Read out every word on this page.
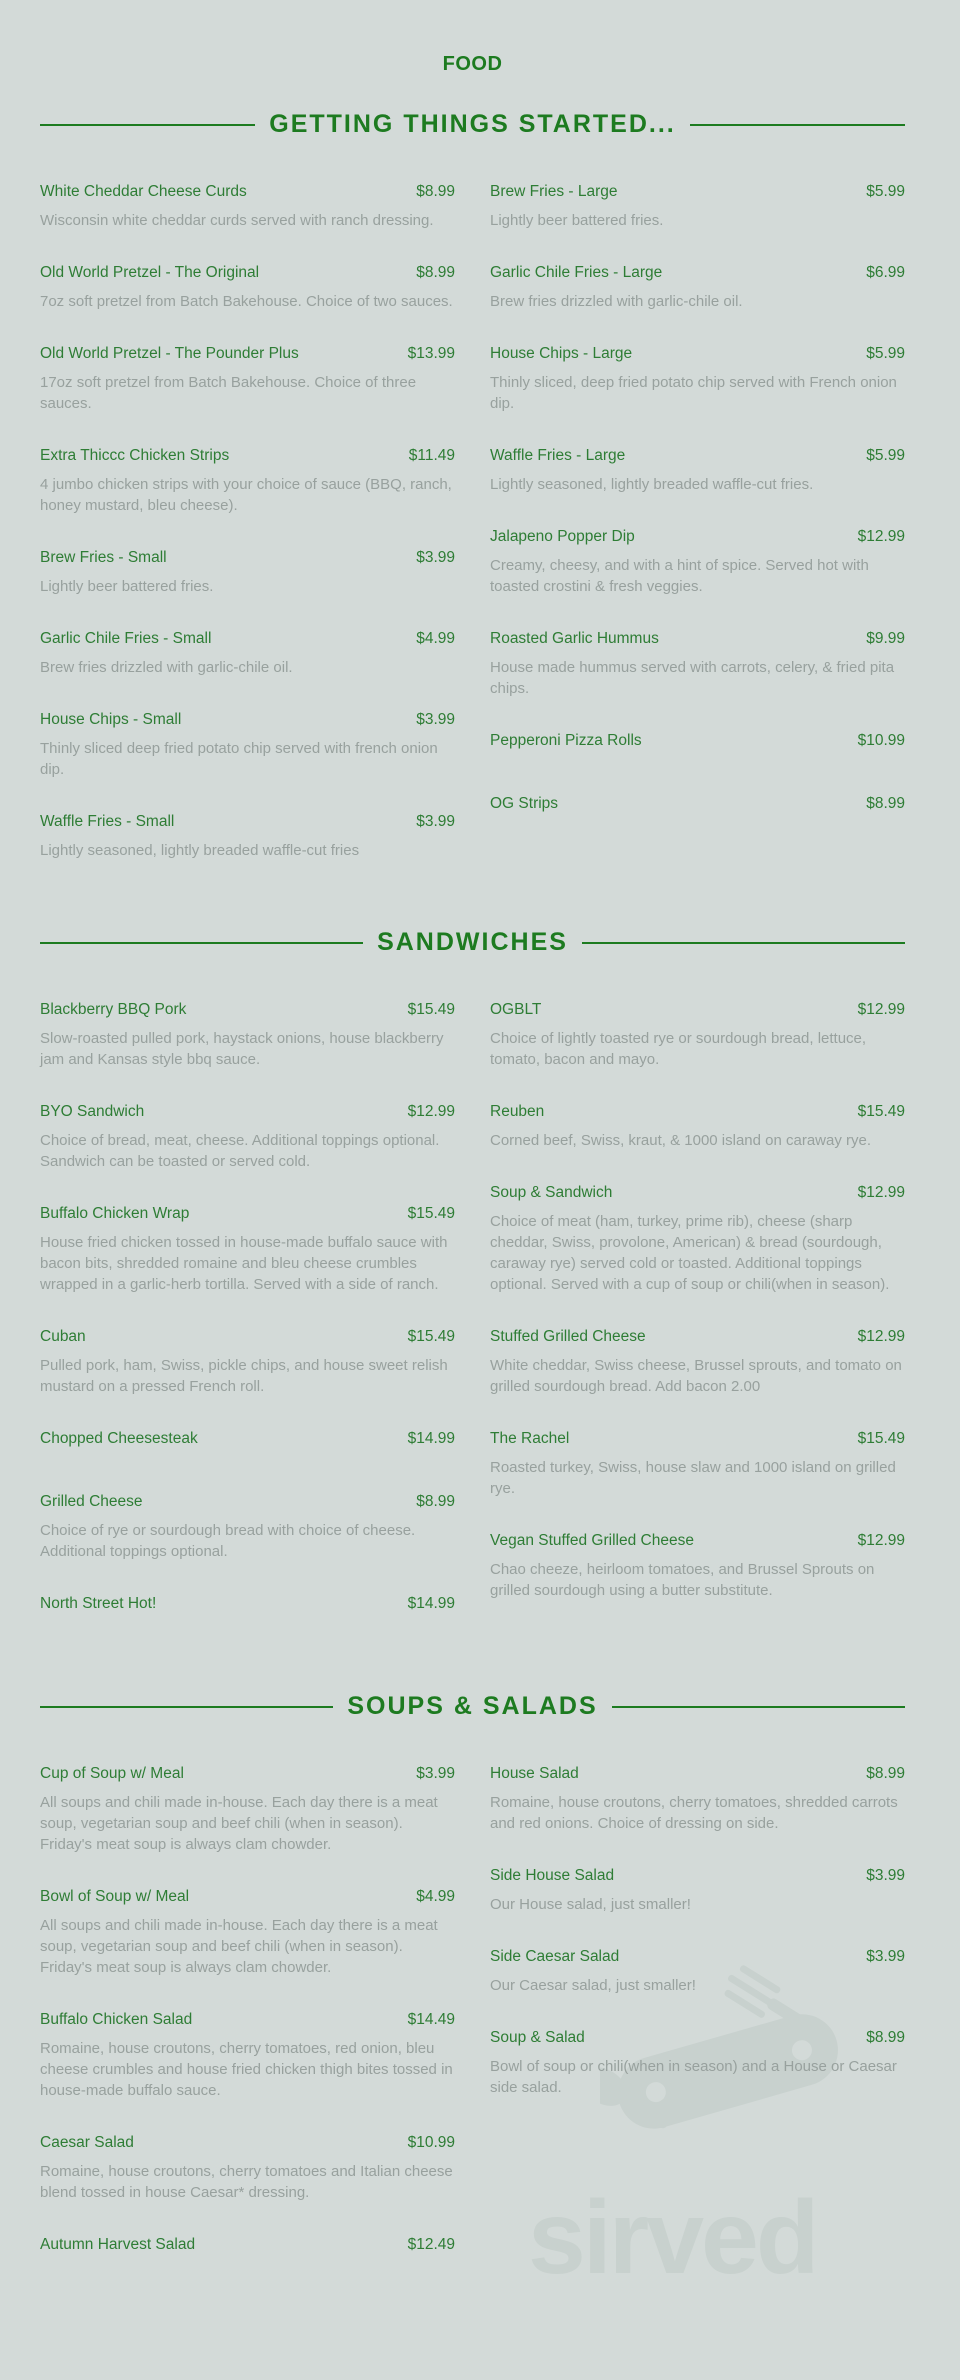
sirved
FOOD
GETTING THINGS STARTED...
White Cheddar Cheese Curds	$8.99
Wisconsin white cheddar curds served with ranch dressing.
Old World Pretzel - The Original	$8.99
7oz soft pretzel from Batch Bakehouse. Choice of two sauces.
Old World Pretzel - The Pounder Plus	$13.99
17oz soft pretzel from Batch Bakehouse. Choice of three sauces.
Extra Thiccc Chicken Strips	$11.49
4 jumbo chicken strips with your choice of sauce (BBQ, ranch, honey mustard, bleu cheese).
Brew Fries - Small	$3.99
Lightly beer battered fries.
Garlic Chile Fries - Small	$4.99
Brew fries drizzled with garlic-chile oil.
House Chips - Small	$3.99
Thinly sliced deep fried potato chip served with french onion dip.
Waffle Fries - Small	$3.99
Lightly seasoned, lightly breaded waffle-cut fries
Brew Fries - Large	$5.99
Lightly beer battered fries.
Garlic Chile Fries - Large	$6.99
Brew fries drizzled with garlic-chile oil.
House Chips - Large	$5.99
Thinly sliced, deep fried potato chip served with French onion dip.
Waffle Fries - Large	$5.99
Lightly seasoned, lightly breaded waffle-cut fries.
Jalapeno Popper Dip	$12.99
Creamy, cheesy, and with a hint of spice. Served hot with toasted crostini & fresh veggies.
Roasted Garlic Hummus	$9.99
House made hummus served with carrots, celery, & fried pita chips.
Pepperoni Pizza Rolls	$10.99
OG Strips	$8.99
SANDWICHES
Blackberry BBQ Pork	$15.49
Slow-roasted pulled pork, haystack onions, house blackberry jam and Kansas style bbq sauce.
BYO Sandwich	$12.99
Choice of bread, meat, cheese. Additional toppings optional. Sandwich can be toasted or served cold.
Buffalo Chicken Wrap	$15.49
House fried chicken tossed in house-made buffalo sauce with bacon bits, shredded romaine and bleu cheese crumbles wrapped in a garlic-herb tortilla. Served with a side of ranch.
Cuban	$15.49
Pulled pork, ham, Swiss, pickle chips, and house sweet relish mustard on a pressed French roll.
Chopped Cheesesteak	$14.99
Grilled Cheese	$8.99
Choice of rye or sourdough bread with choice of cheese. Additional toppings optional.
North Street Hot!	$14.99
OGBLT	$12.99
Choice of lightly toasted rye or sourdough bread, lettuce, tomato, bacon and mayo.
Reuben	$15.49
Corned beef, Swiss, kraut, & 1000 island on caraway rye.
Soup & Sandwich	$12.99
Choice of meat (ham, turkey, prime rib), cheese (sharp cheddar, Swiss, provolone, American) & bread (sourdough, caraway rye) served cold or toasted. Additional toppings optional. Served with a cup of soup or chili(when in season).
Stuffed Grilled Cheese	$12.99
White cheddar, Swiss cheese, Brussel sprouts, and tomato on grilled sourdough bread. Add bacon 2.00
The Rachel	$15.49
Roasted turkey, Swiss, house slaw and 1000 island on grilled rye.
Vegan Stuffed Grilled Cheese	$12.99
Chao cheeze, heirloom tomatoes, and Brussel Sprouts on grilled sourdough using a butter substitute.
SOUPS & SALADS
Cup of Soup w/ Meal	$3.99
All soups and chili made in-house. Each day there is a meat soup, vegetarian soup and beef chili (when in season). Friday's meat soup is always clam chowder.
Bowl of Soup w/ Meal	$4.99
All soups and chili made in-house. Each day there is a meat soup, vegetarian soup and beef chili (when in season). Friday's meat soup is always clam chowder.
Buffalo Chicken Salad	$14.49
Romaine, house croutons, cherry tomatoes, red onion, bleu cheese crumbles and house fried chicken thigh bites tossed in house-made buffalo sauce.
Caesar Salad	$10.99
Romaine, house croutons, cherry tomatoes and Italian cheese blend tossed in house Caesar* dressing.
Autumn Harvest Salad	$12.49
House Salad	$8.99
Romaine, house croutons, cherry tomatoes, shredded carrots and red onions. Choice of dressing on side.
Side House Salad	$3.99
Our House salad, just smaller!
Side Caesar Salad	$3.99
Our Caesar salad, just smaller!
Soup & Salad	$8.99
Bowl of soup or chili(when in season) and a House or Caesar side salad.
